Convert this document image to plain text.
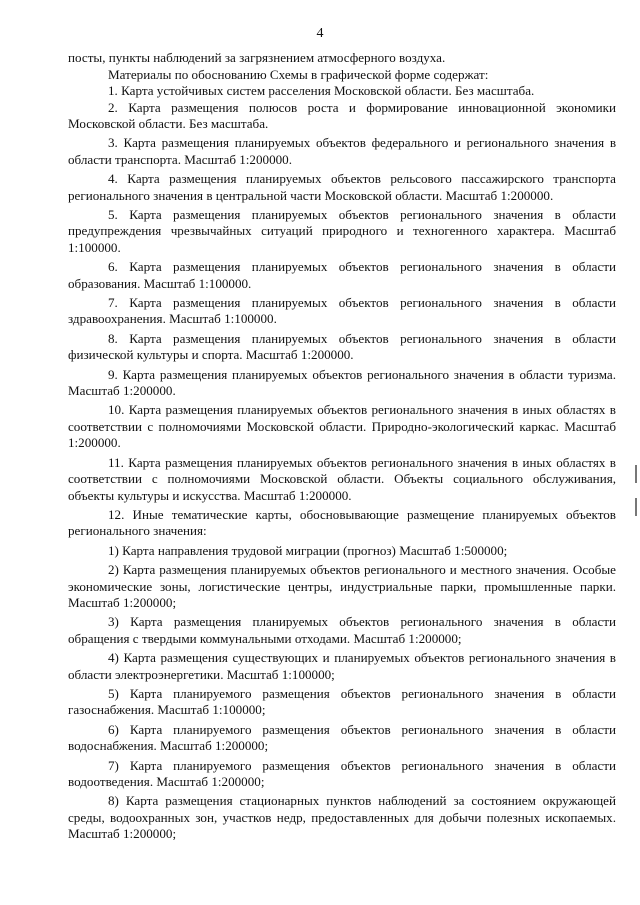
4

посты, пункты наблюдений за загрязнением атмосферного воздуха.

Материалы по обоснованию Схемы в графической форме содержат:

1. Карта устойчивых систем расселения Московской области. Без масштаба.

2. Карта размещения полюсов роста и формирование инновационной экономики Московской области. Без масштаба.

3. Карта размещения планируемых объектов федерального и регионального значения в области транспорта. Масштаб 1:200000.

4. Карта размещения планируемых объектов рельсового пассажирского транспорта регионального значения в центральной части Московской области. Масштаб 1:200000.

5. Карта размещения планируемых объектов регионального значения в области предупреждения чрезвычайных ситуаций природного и техногенного характера. Масштаб 1:100000.

6. Карта размещения планируемых объектов регионального значения в области образования. Масштаб 1:100000.

7. Карта размещения планируемых объектов регионального значения в области здравоохранения. Масштаб 1:100000.

8. Карта размещения планируемых объектов регионального значения в области физической культуры и спорта. Масштаб 1:200000.

9. Карта размещения планируемых объектов регионального значения в области туризма. Масштаб 1:200000.

10. Карта размещения планируемых объектов регионального значения в иных областях в соответствии с полномочиями Московской области. Природно-экологический каркас. Масштаб 1:200000.

11. Карта размещения планируемых объектов регионального значения в иных областях в соответствии с полномочиями Московской области. Объекты социального обслуживания, объекты культуры и искусства. Масштаб 1:200000.

12. Иные тематические карты, обосновывающие размещение планируемых объектов регионального значения:

1) Карта направления трудовой миграции (прогноз) Масштаб 1:500000;

2) Карта размещения планируемых объектов регионального и местного значения. Особые экономические зоны, логистические центры, индустриальные парки, промышленные парки. Масштаб 1:200000;

3) Карта размещения планируемых объектов регионального значения в области обращения с твердыми коммунальными отходами. Масштаб 1:200000;

4) Карта размещения существующих и планируемых объектов регионального значения в области электроэнергетики. Масштаб 1:100000;

5) Карта планируемого размещения объектов регионального значения в области газоснабжения. Масштаб 1:100000;

6) Карта планируемого размещения объектов регионального значения в области водоснабжения. Масштаб 1:200000;

7) Карта планируемого размещения объектов регионального значения в области водоотведения. Масштаб 1:200000;

8) Карта размещения стационарных пунктов наблюдений за состоянием окружающей среды, водоохранных зон, участков недр, предоставленных для добычи полезных ископаемых. Масштаб 1:200000;
